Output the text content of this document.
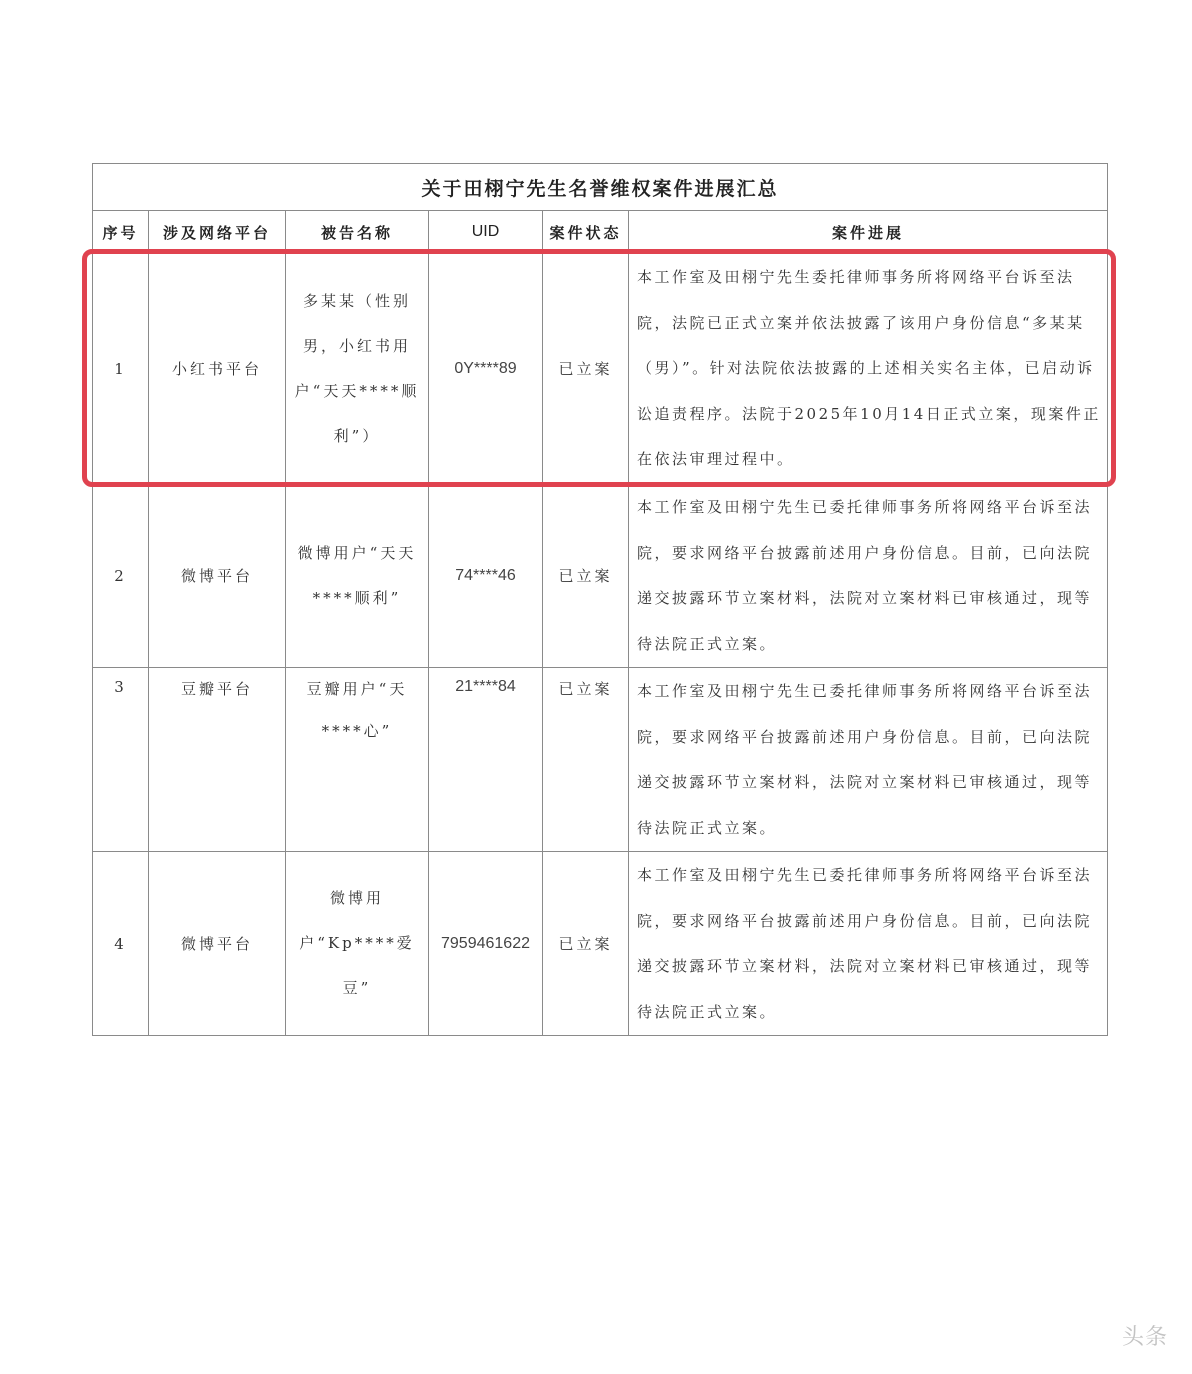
关于田栩宁先生名誉维权案件进展汇总					
序号	涉及网络平台	被告名称	UID	案件状态	案件进展
1	小红书平台	多某某（性别男，小红书用户“天天****顺利”）	0Y****89	已立案	本工作室及田栩宁先生委托律师事务所将网络平台诉至法院，法院已正式立案并依法披露了该用户身份信息“多某某（男）”。针对法院依法披露的上述相关实名主体，已启动诉讼追责程序。法院于2025年10月14日正式立案，现案件正在依法审理过程中。
2	微博平台	微博用户“天天****顺利”	74****46	已立案	本工作室及田栩宁先生已委托律师事务所将网络平台诉至法院，要求网络平台披露前述用户身份信息。目前，已向法院递交披露环节立案材料，法院对立案材料已审核通过，现等待法院正式立案。
3	豆瓣平台	豆瓣用户“天****心”	21****84	已立案	本工作室及田栩宁先生已委托律师事务所将网络平台诉至法院，要求网络平台披露前述用户身份信息。目前，已向法院递交披露环节立案材料，法院对立案材料已审核通过，现等待法院正式立案。
4	微博平台	微博用户“Kp****爱豆”	7959461622	已立案	本工作室及田栩宁先生已委托律师事务所将网络平台诉至法院，要求网络平台披露前述用户身份信息。目前，已向法院递交披露环节立案材料，法院对立案材料已审核通过，现等待法院正式立案。
头条
